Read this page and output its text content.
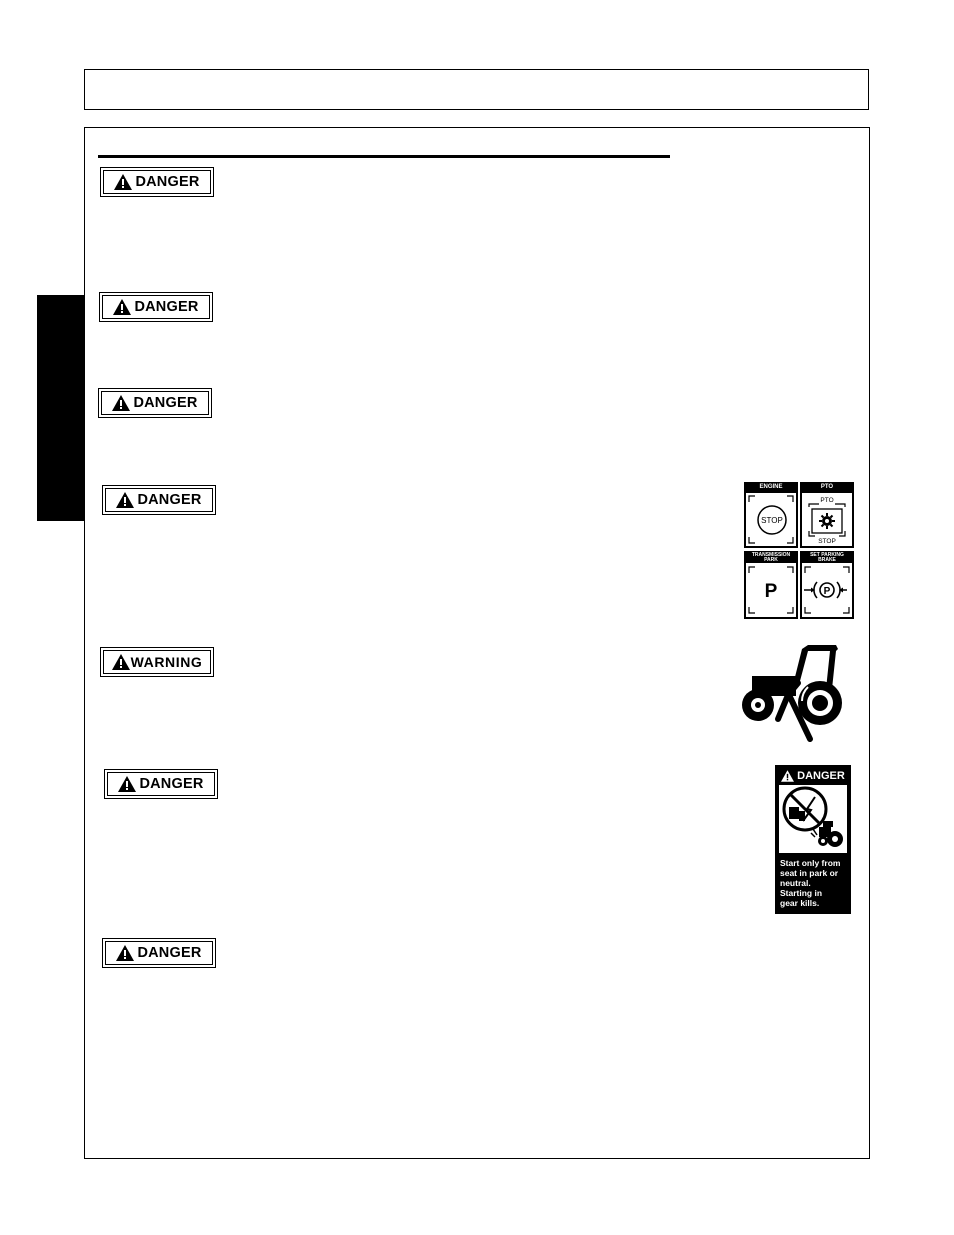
DANGER
DANGER
DANGER
DANGER
WARNING
DANGER
DANGER
ENGINE
STOP
PTO
PTO
STOP
TRANSMISSION
PARK
P
SET PARKING
BRAKE
P
DANGER

Start only from
seat in park or
neutral.
Starting in
gear kills.
